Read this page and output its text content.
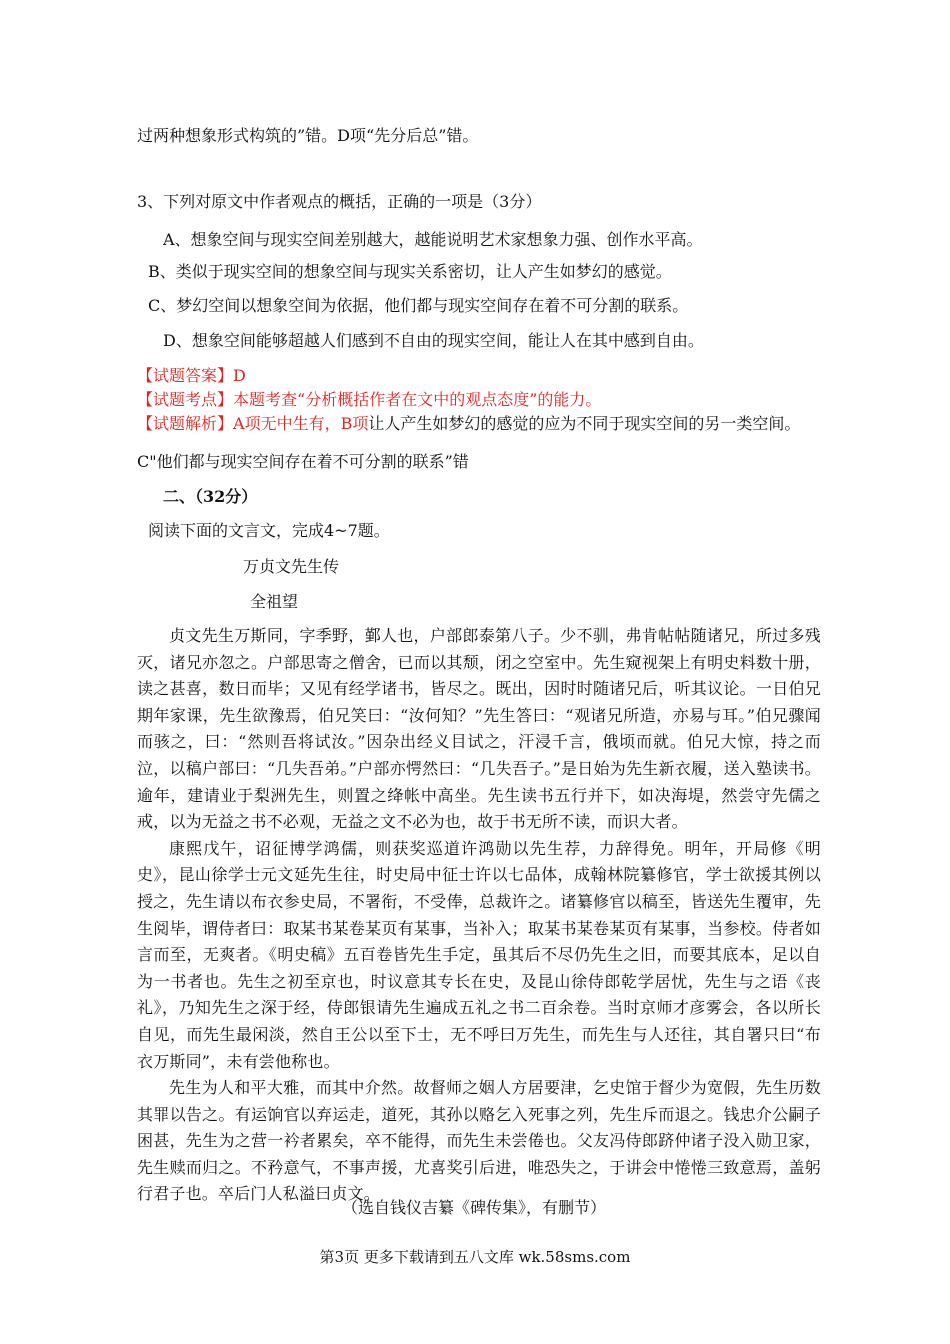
过两种想象形式构筑的”错。D项“先分后总”错。
3、下列对原文中作者观点的概括，正确的一项是（3分）
A、想象空间与现实空间差别越大，越能说明艺术家想象力强、创作水平高。
B、类似于现实空间的想象空间与现实关系密切，让人产生如梦幻的感觉。
C、梦幻空间以想象空间为依据，他们都与现实空间存在着不可分割的联系。
D、想象空间能够超越人们感到不自由的现实空间，能让人在其中感到自由。
【试题答案】D
【试题考点】本题考查“分析概括作者在文中的观点态度”的能力。
【试题解析】A项无中生有，B项让人产生如梦幻的感觉的应为不同于现实空间的另一类空间。
C"他们都与现实空间存在着不可分割的联系”错
二、（32分）
阅读下面的文言文，完成4~7题。
万贞文先生传
全祖望

贞文先生万斯同，字季野，鄞人也，户部郎泰第八子。少不驯，弗肯帖帖随诸兄，所过多残灭，诸兄亦忽之。户部思寄之僧舍，已而以其颓，闭之空室中。先生窥视架上有明史料数十册，读之甚喜，数日而毕；又见有经学诸书，皆尽之。既出，因时时随诸兄后，听其议论。一日伯兄期年家课，先生欲豫焉，伯兄笑曰：“汝何知？”先生答曰：“观诸兄所造，亦易与耳。”伯兄骤闻而骇之，曰：“然则吾将试汝。”因杂出经义目试之，汗浸千言，俄顷而就。伯兄大惊，持之而泣，以稿户部曰：“几失吾弟。”户部亦愕然曰：“几失吾子。”是日始为先生新衣履，送入塾读书。逾年，建请业于梨洲先生，则置之绛帐中高坐。先生读书五行并下，如决海堤，然尝守先儒之戒，以为无益之书不必观，无益之文不必为也，故于书无所不读，而识大者。

康熙戊午，诏征博学鸿儒，则获奖巡道许鸿勋以先生荐，力辞得免。明年，开局修《明史》，昆山徐学士元文延先生往，时史局中征士许以七品体，成翰林院纂修官，学士欲援其例以授之，先生请以布衣参史局，不署衔，不受俸，总裁许之。诸纂修官以稿至，皆送先生覆审，先生阅毕，谓侍者曰：取某书某卷某页有某事，当补入；取某书某卷某页有某事，当参校。侍者如言而至，无爽者。《明史稿》五百卷皆先生手定，虽其后不尽仍先生之旧，而要其底本，足以自为一书者也。先生之初至京也，时议意其专长在史，及昆山徐侍郎乾学居忧，先生与之语《丧礼》，乃知先生之深于经，侍郎银请先生遍成五礼之书二百余卷。当时京师才彦雾会，各以所长自见，而先生最闲淡，然自王公以至下士，无不呼曰万先生，而先生与人还往，其自署只曰“布衣万斯同”，未有尝他称也。

先生为人和平大雅，而其中介然。故督师之姻人方居要津，乞史馆于督少为宽假，先生历数其罪以告之。有运饷官以弃运走，道死，其孙以赂乞入死事之列，先生斥而退之。钱忠介公嗣子困甚，先生为之营一衿者累矣，卒不能得，而先生未尝倦也。父友冯侍郎跻仲诸子没入勋卫家，先生赎而归之。不矜意气，不事声援，尤喜奖引后进，唯恐失之，于讲会中惓惓三致意焉，盖躬行君子也。卒后门人私溢曰贞文。

（选自钱仪吉纂《碑传集》，有删节）
第3页 更多下载请到五八文库 wk.58sms.com
